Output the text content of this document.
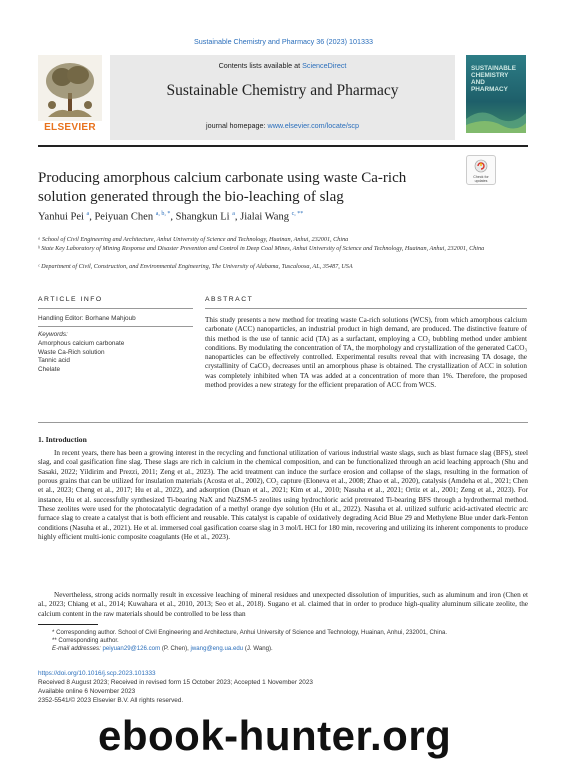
Sustainable Chemistry and Pharmacy 36 (2023) 101333
Contents lists available at ScienceDirect
Sustainable Chemistry and Pharmacy
journal homepage: www.elsevier.com/locate/scp
ELSEVIER
SUSTAINABLE CHEMISTRY AND PHARMACY
Check for updates
Producing amorphous calcium carbonate using waste Ca-rich solution generated through the bio-leaching of slag
Yanhui Pei $^a$, Peiyuan Chen $^{a, b, *}$, Shangkun Li $^a$, Jialai Wang $^{c, **}$
ᵃ School of Civil Engineering and Architecture, Anhui University of Science and Technology, Huainan, Anhui, 232001, China
ᵇ State Key Laboratory of Mining Response and Disaster Prevention and Control in Deep Coal Mines, Anhui University of Science and Technology, Huainan, Anhui, 232001, China
ᶜ Department of Civil, Construction, and Environmental Engineering, The University of Alabama, Tuscaloosa, AL, 35487, USA
ARTICLE INFO	ABSTRACT
Handling Editor: Borhane Mahjoub
Keywords:
Amorphous calcium carbonate
Waste Ca-Rich solution
Tannic acid
Chelate
This study presents a new method for treating waste Ca-rich solutions (WCS), from which amorphous calcium carbonate (ACC) nanoparticles, an industrial product in high demand, are produced. The distinctive feature of this method is the use of tannic acid (TA) as a surfactant, employing a CO₂ bubbling method under ambient conditions. By modulating the concentration of TA, the morphology and crystallization of the generated CaCO₃ nanoparticles can be effectively controlled. Experimental results reveal that with increasing TA dosage, the crystallinity of CaCO₃ decreases until an amorphous phase is obtained. The crystallization of ACC in solution was completely inhibited when TA was added at a concentration of more than 1%. Therefore, the proposed method provides a new strategy for the efficient preparation of ACC from WCS.
1. Introduction
In recent years, there has been a growing interest in the recycling and functional utilization of various industrial waste slags, such as blast furnace slag (BFS), steel slag, and coal gasification fine slag. These slags are rich in calcium in the chemical composition, and can be functionalized through an acid leaching approach (Shu and Sasaki, 2022; Yildirim and Prezzi, 2011; Zeng et al., 2023). The acid treatment can induce the surface erosion and collapse of the slags, resulting in the formation of porous grains that can be utilized for insulation materials (Acosta et al., 2002), CO₂ capture (Eloneva et al., 2008; Zhao et al., 2020), catalysis (Amdeha et al., 2021; Chen et al., 2023; Cheng et al., 2017; Hu et al., 2022), and adsorption (Duan et al., 2021; Kim et al., 2010; Nasuha et al., 2021; Ortiz et al., 2001; Zeng et al., 2023). For instance, Hu et al. successfully synthesized Ti-bearing NaX and NaZSM-5 zeolites using hydrochloric acid pretreated Ti-bearing BFS through a hydrothermal method. These zeolites were used for the photocatalytic degradation of a methyl orange dye solution (Hu et al., 2022). Nasuha et al. utilized sulfuric acid-activated electric arc furnace slag to create a catalyst that is both efficient and reusable. This catalyst is capable of oxidatively degrading Acid Blue 29 and Methylene Blue under dark-Fenton conditions (Nasuha et al., 2021). He et al. immersed coal gasification coarse slag in 3 mol/L HCl for 180 min, recovering and utilizing its inherent components to produce highly efficient multi-ionic composite coagulants (He et al., 2023).
Nevertheless, strong acids normally result in excessive leaching of mineral residues and unexpected dissolution of impurities, such as aluminum and iron (Chen et al., 2023; Chiang et al., 2014; Kuwahara et al., 2010, 2013; Seo et al., 2018). Sugano et al. claimed that in order to produce high-quality aluminum silicate zeolite, the calcium content in the raw materials should be controlled to be less than
* Corresponding author. School of Civil Engineering and Architecture, Anhui University of Science and Technology, Huainan, Anhui, 232001, China.
** Corresponding author.
E-mail addresses: peiyuan29@126.com (P. Chen), jwang@eng.ua.edu (J. Wang).
https://doi.org/10.1016/j.scp.2023.101333
Received 8 August 2023; Received in revised form 15 October 2023; Accepted 1 November 2023
Available online 6 November 2023
2352-5541/© 2023 Elsevier B.V. All rights reserved.
ebook-hunter.org
